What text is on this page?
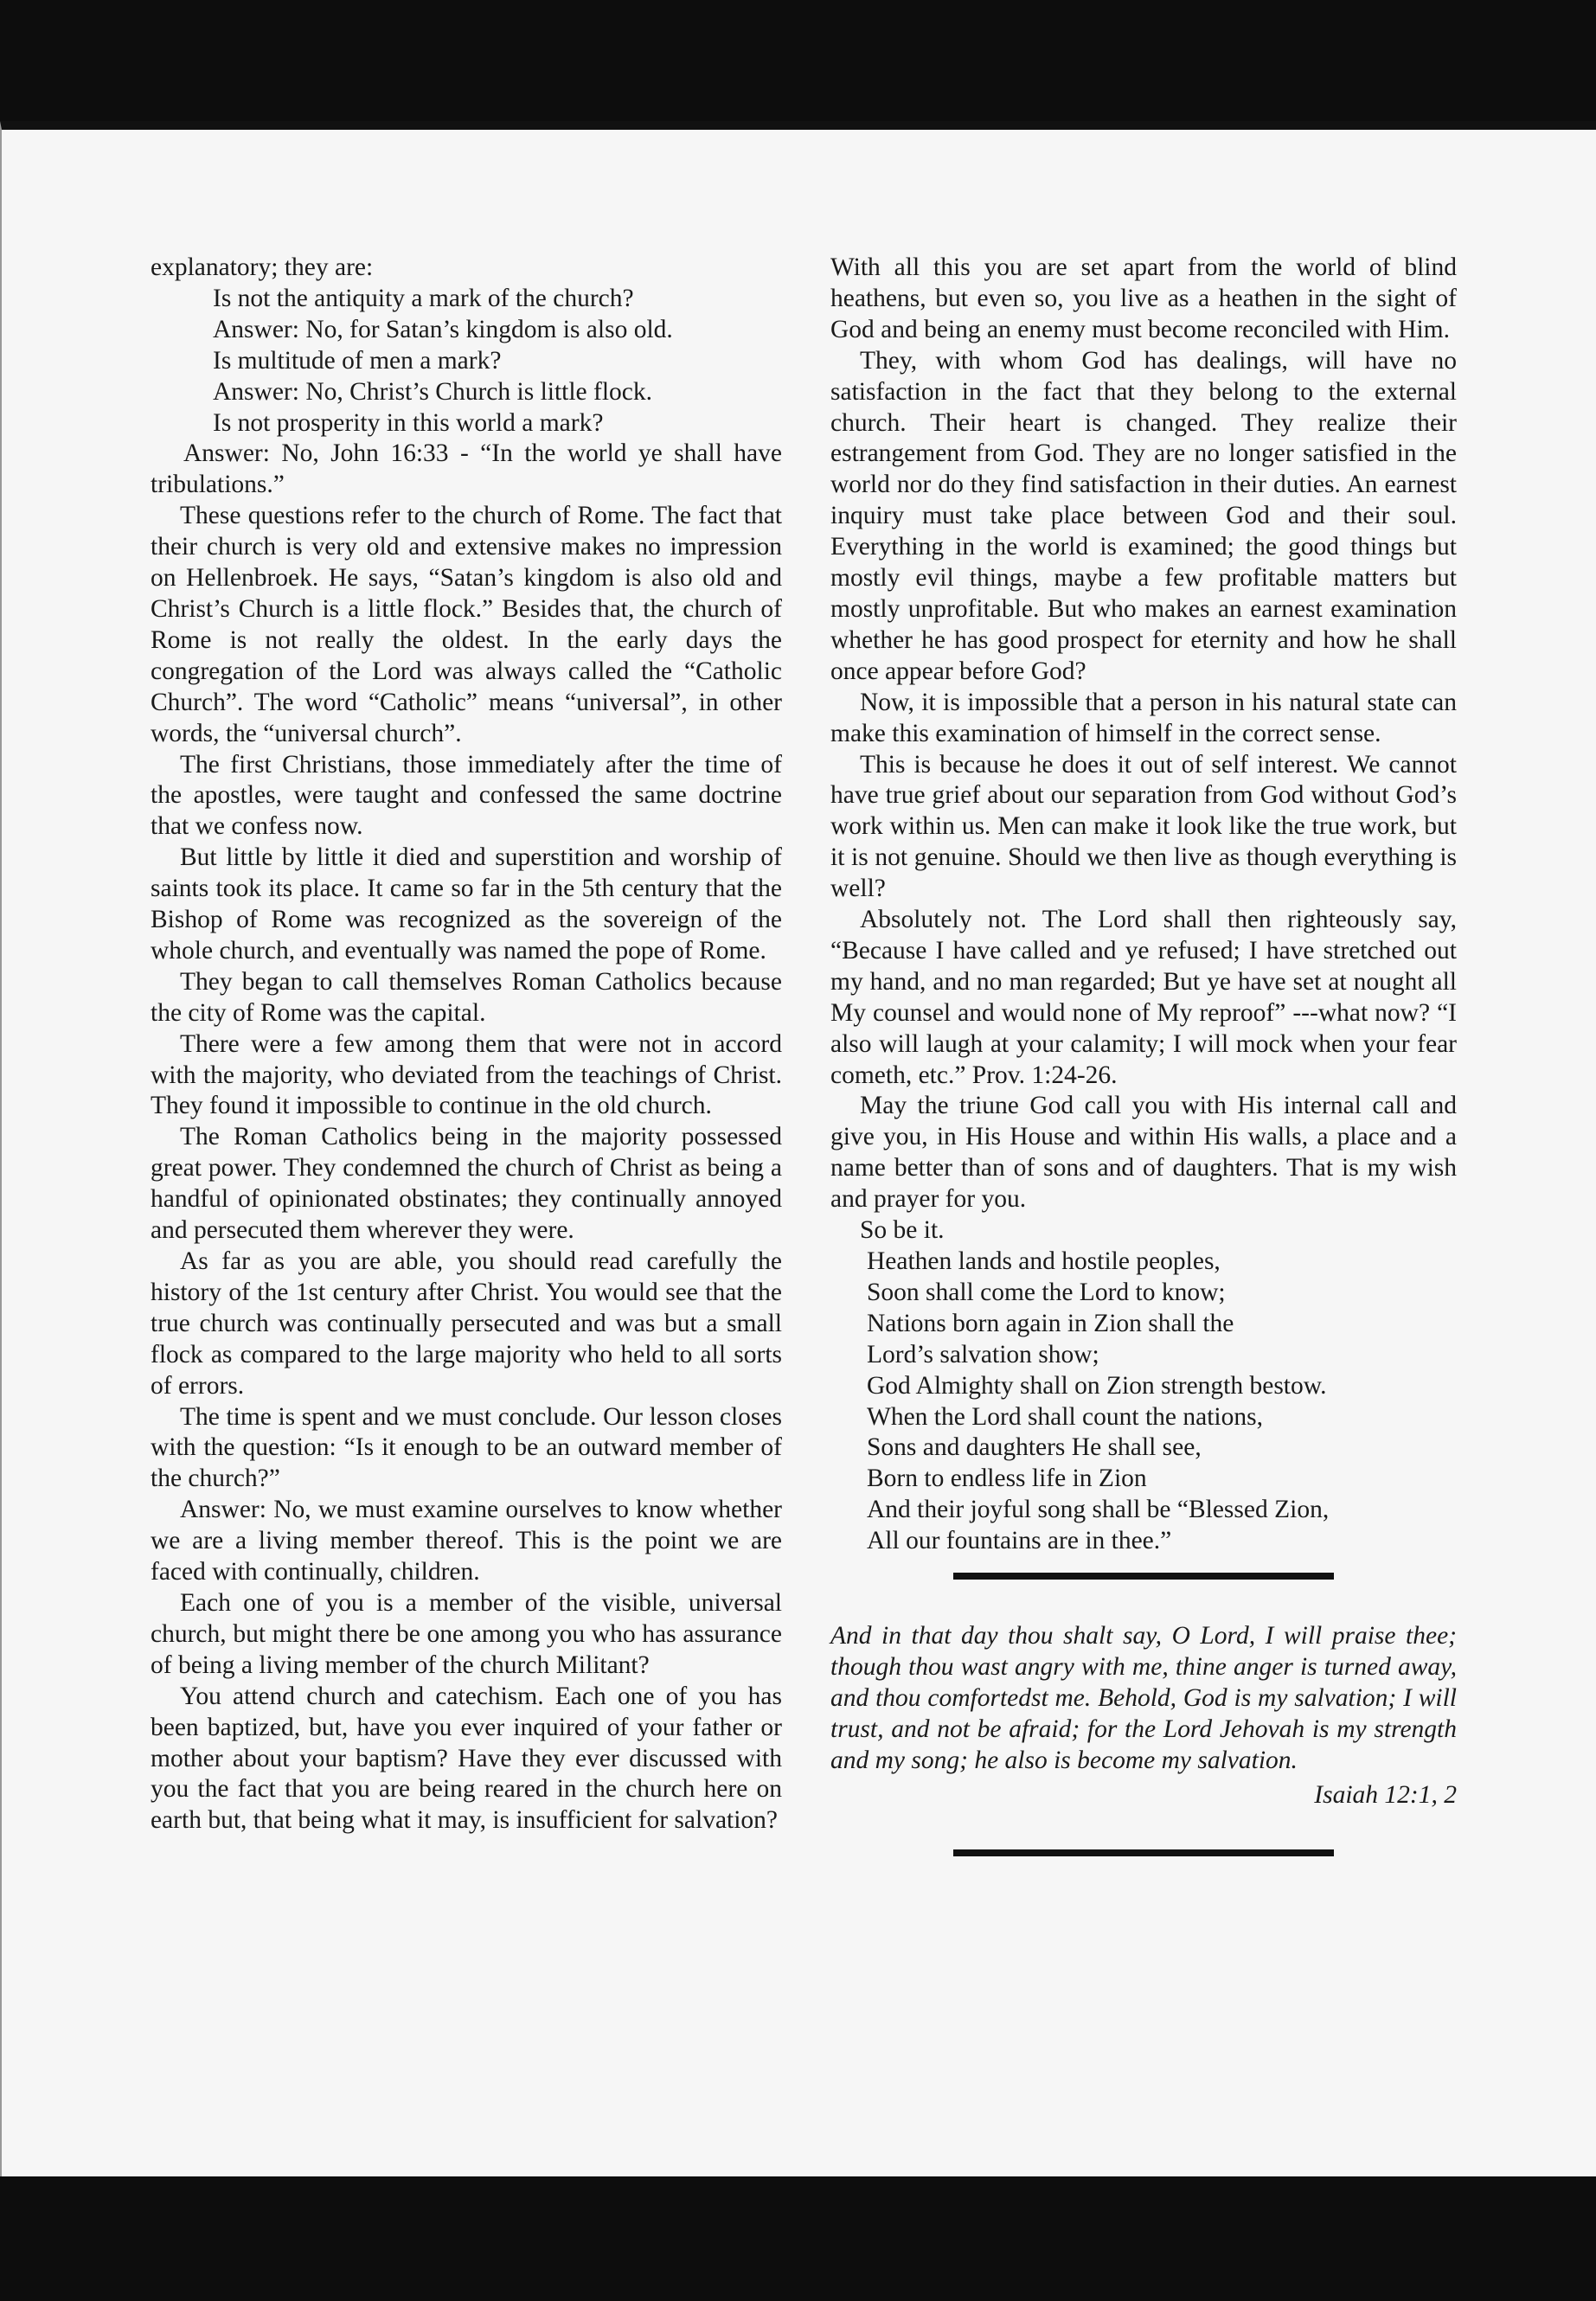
explanatory; they are:

Is not the antiquity a mark of the church?

Answer: No, for Satan’s kingdom is also old.

Is multitude of men a mark?

Answer: No, Christ’s Church is little flock.

Is not prosperity in this world a mark?

Answer: No, John 16:33 - “In the world ye shall have tribulations.”

These questions refer to the church of Rome. The fact that their church is very old and extensive makes no impression on Hellenbroek. He says, “Satan’s kingdom is also old and Christ’s Church is a little flock.” Besides that, the church of Rome is not really the oldest. In the early days the congregation of the Lord was always called the “Catholic Church”. The word “Catholic” means “universal”, in other words, the “universal church”.

The first Christians, those immediately after the time of the apostles, were taught and confessed the same doctrine that we confess now.

But little by little it died and superstition and worship of saints took its place. It came so far in the 5th century that the Bishop of Rome was recognized as the sovereign of the whole church, and eventually was named the pope of Rome.

They began to call themselves Roman Catholics because the city of Rome was the capital.

There were a few among them that were not in accord with the majority, who deviated from the teachings of Christ. They found it impossible to continue in the old church.

The Roman Catholics being in the majority possessed great power. They condemned the church of Christ as being a handful of opinionated obstinates; they continually annoyed and persecuted them wherever they were.

As far as you are able, you should read carefully the history of the 1st century after Christ. You would see that the true church was continually persecuted and was but a small flock as compared to the large majority who held to all sorts of errors.

The time is spent and we must conclude. Our lesson closes with the question: “Is it enough to be an outward member of the church?”

Answer: No, we must examine ourselves to know whether we are a living member thereof. This is the point we are faced with continually, children.

Each one of you is a member of the visible, universal church, but might there be one among you who has assurance of being a living member of the church Militant?

You attend church and catechism. Each one of you has been baptized, but, have you ever inquired of your father or mother about your baptism? Have they ever discussed with you the fact that you are being reared in the church here on earth but, that being what it may, is insufficient for salvation?

With all this you are set apart from the world of blind heathens, but even so, you live as a heathen in the sight of God and being an enemy must become reconciled with Him.

They, with whom God has dealings, will have no satisfaction in the fact that they belong to the external church. Their heart is changed. They realize their estrangement from God. They are no longer satisfied in the world nor do they find satisfaction in their duties. An earnest inquiry must take place between God and their soul. Everything in the world is examined; the good things but mostly evil things, maybe a few profitable matters but mostly unprofitable. But who makes an earnest examination whether he has good prospect for eternity and how he shall once appear before God?

Now, it is impossible that a person in his natural state can make this examination of himself in the correct sense.

This is because he does it out of self interest. We cannot have true grief about our separation from God without God’s work within us. Men can make it look like the true work, but it is not genuine. Should we then live as though everything is well?

Absolutely not. The Lord shall then righteously say, “Because I have called and ye refused; I have stretched out my hand, and no man regarded; But ye have set at nought all My counsel and would none of My reproof” ---what now? “I also will laugh at your calamity; I will mock when your fear cometh, etc.” Prov. 1:24-26.

May the triune God call you with His internal call and give you, in His House and within His walls, a place and a name better than of sons and of daughters. That is my wish and prayer for you.

So be it.

Heathen lands and hostile peoples,
Soon shall come the Lord to know;
Nations born again in Zion shall the
Lord’s salvation show;
God Almighty shall on Zion strength bestow.
When the Lord shall count the nations,
Sons and daughters He shall see,
Born to endless life in Zion
And their joyful song shall be “Blessed Zion,
All our fountains are in thee.”
And in that day thou shalt say, O Lord, I will praise thee; though thou wast angry with me, thine anger is turned away, and thou comfortedst me. Behold, God is my salvation; I will trust, and not be afraid; for the Lord Jehovah is my strength and my song; he also is become my salvation.
Isaiah 12:1, 2
